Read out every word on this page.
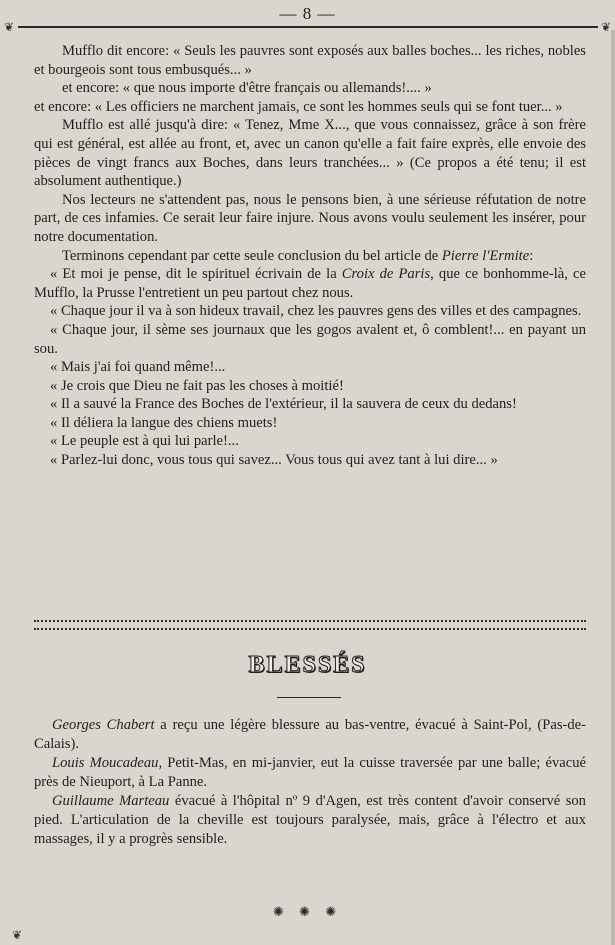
— 8 —
❦	❦

Mufflo dit encore: « Seuls les pauvres sont exposés aux balles boches... les riches, nobles et bourgeois sont tous embusqués... »

et encore: « que nous importe d'être français ou allemands!.... »

et encore: « Les officiers ne marchent jamais, ce sont les hommes seuls qui se font tuer... »

Mufflo est allé jusqu'à dire: « Tenez, Mme X..., que vous connaissez, grâce à son frère qui est général, est allée au front, et, avec un canon qu'elle a fait faire exprès, elle envoie des pièces de vingt francs aux Boches, dans leurs tranchées... » (Ce propos a été tenu; il est absolument authentique.)

Nos lecteurs ne s'attendent pas, nous le pensons bien, à une sérieuse réfutation de notre part, de ces infamies. Ce serait leur faire injure. Nous avons voulu seulement les insérer, pour notre documentation.

Terminons cependant par cette seule conclusion du bel article de Pierre l'Ermite:

« Et moi je pense, dit le spirituel écrivain de la Croix de Paris, que ce bonhomme-là, ce Mufflo, la Prusse l'entretient un peu partout chez nous.

« Chaque jour il va à son hideux travail, chez les pauvres gens des villes et des campagnes.

« Chaque jour, il sème ses journaux que les gogos avalent et, ô comblent!... en payant un sou.

« Mais j'ai foi quand même!...

« Je crois que Dieu ne fait pas les choses à moitié!

« Il a sauvé la France des Boches de l'extérieur, il la sauvera de ceux du dedans!

« Il déliera la langue des chiens muets!

« Le peuple est à qui lui parle!...

« Parlez-lui donc, vous tous qui savez... Vous tous qui avez tant à lui dire... »

BLESSÉS

Georges Chabert a reçu une légère blessure au bas-ventre, évacué à Saint-Pol, (Pas-de-Calais).

Louis Moucadeau, Petit-Mas, en mi-janvier, eut la cuisse traversée par une balle; évacué près de Nieuport, à La Panne.

Guillaume Marteau évacué à l'hôpital nº 9 d'Agen, est très content d'avoir conservé son pied. L'articulation de la cheville est toujours paralysée, mais, grâce à l'électro et aux massages, il y a progrès sensible.

✺ ✺ ✺
❦
